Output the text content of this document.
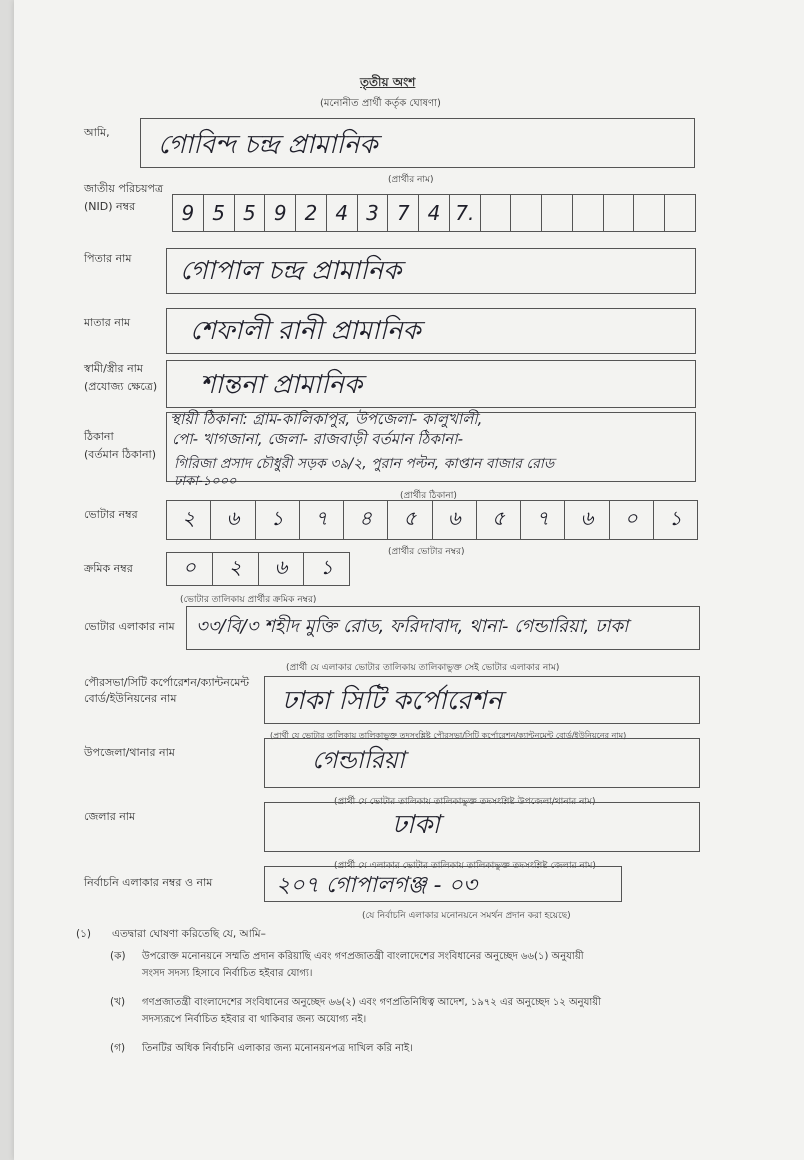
তৃতীয় অংশ
(মনোনীত প্রার্থী কর্তৃক ঘোষণা)
আমি, গোবিন্দ চন্দ্র প্রামানিক
(প্রার্থীর নাম)
জাতীয় পরিচয়পত্র
(NID) নম্বর	9 5 5 9 2 4 3 7 4 7.
পিতার নাম গোপাল চন্দ্র প্রামানিক
মাতার নাম শেফালী রানী প্রামানিক
স্বামী/স্ত্রীর নাম
(প্রযোজ্য ক্ষেত্রে) শান্তনা প্রামানিক
ঠিকানা
(বর্তমান ঠিকানা)
স্থায়ী ঠিকানা: গ্রাম-কালিকাপুর, উপজেলা- কালুখালী,
পো- খাগজানা, জেলা- রাজবাড়ী বর্তমান ঠিকানা-
গিরিজা প্রসাদ চৌধুরী সড়ক ৩৯/২, পুরান পল্টন, কাপ্তান বাজার রোড
ঢাকা-১০০০
(প্রার্থীর ঠিকানা)
ভোটার নম্বর	২	৬	১	৭	৪	৫	৬	৫	৭	৬	০	১
(প্রার্থীর ভোটার নম্বর)
ক্রমিক নম্বর	০	২	৬	১
(ভোটার তালিকায় প্রার্থীর ক্রমিক নম্বর)
ভোটার এলাকার নাম ৩৩/বি/৩ শহীদ মুক্তি রোড, ফরিদাবাদ, থানা- গেন্ডারিয়া, ঢাকা
(প্রার্থী যে এলাকার ভোটার তালিকায় তালিকাভুক্ত সেই ভোটার এলাকার নাম)
পৌরসভা/সিটি কর্পোরেশন/ক্যান্টনমেন্ট
বোর্ড/ইউনিয়নের নাম	ঢাকা সিটি কর্পোরেশন
(প্রার্থী যে ভোটার তালিকায় তালিকাভুক্ত তদসংশ্লিষ্ট পৌরসভা/সিটি কর্পোরেশন/ক্যান্টনমেন্ট বোর্ড/ইউনিয়নের নাম)
উপজেলা/থানার নাম	গেন্ডারিয়া
(প্রার্থী যে ভোটার তালিকায় তালিকাভুক্ত তদসংশ্লিষ্ট উপজেলা/থানার নাম)
জেলার নাম	ঢাকা
(প্রার্থী যে এলাকার ভোটার তালিকায় তালিকাভুক্ত তদসংশ্লিষ্ট জেলার নাম)
নির্বাচনি এলাকার নম্বর ও নাম	২০৭ গোপালগঞ্জ - ০৩
(যে নির্বাচনি এলাকার মনোনয়নে সমর্থন প্রদান করা হয়েছে)
(১) এতদ্বারা ঘোষণা করিতেছি যে, আমি–
(ক) উপরোক্ত মনোনয়নে সম্মতি প্রদান করিয়াছি এবং গণপ্রজাতন্ত্রী বাংলাদেশের সংবিধানের অনুচ্ছেদ ৬৬(১) অনুযায়ী
সংসদ সদস্য হিসাবে নির্বাচিত হইবার যোগ্য।
(খ) গণপ্রজাতন্ত্রী বাংলাদেশের সংবিধানের অনুচ্ছেদ ৬৬(২) এবং গণপ্রতিনিধিত্ব আদেশ, ১৯৭২ এর অনুচ্ছেদ ১২ অনুযায়ী
সদস্যরূপে নির্বাচিত হইবার বা থাকিবার জন্য অযোগ্য নই।
(গ) তিনটির অধিক নির্বাচনি এলাকার জন্য মনোনয়নপত্র দাখিল করি নাই।
